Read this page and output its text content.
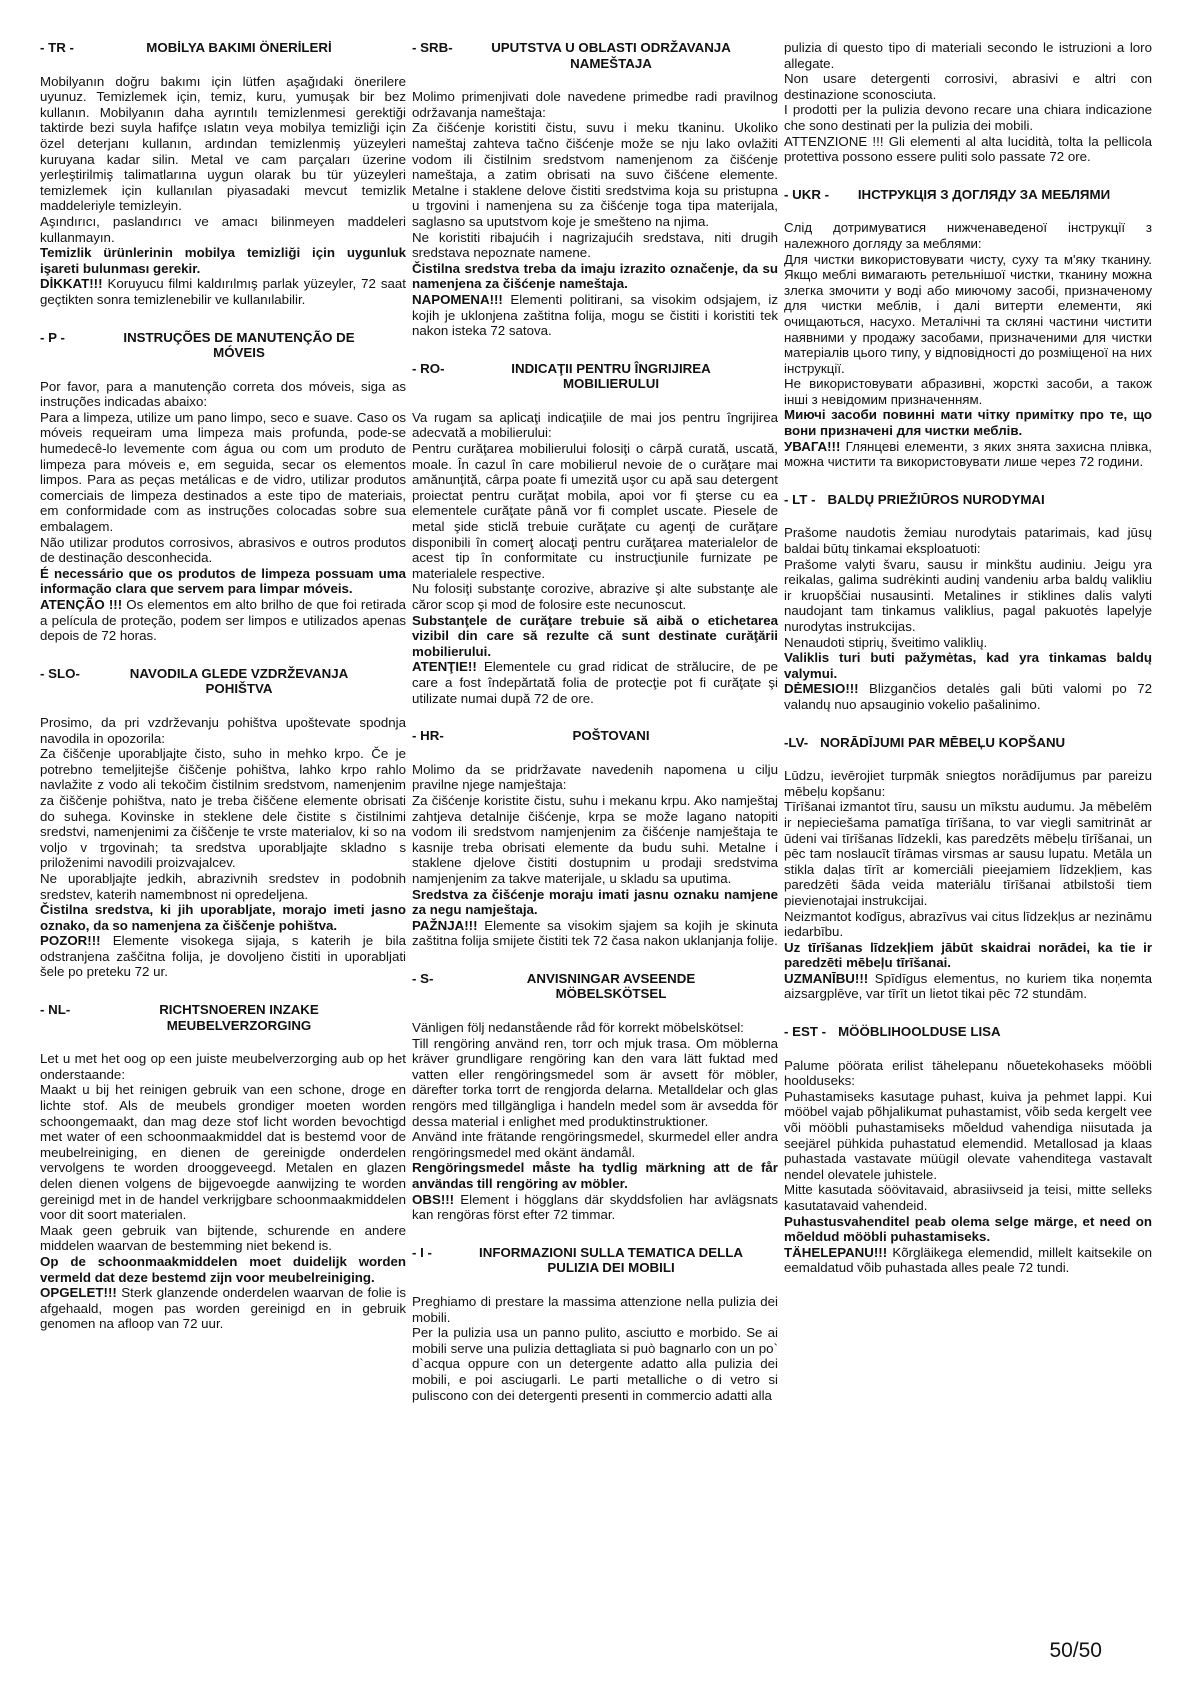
- TR -	MOBİLYA BAKIMI ÖNERİLERİ

Mobilyanın doğru bakımı için lütfen aşağıdaki önerilere uyunuz. Temizlemek için, temiz, kuru, yumuşak bir bez kullanın. Mobilyanın daha ayrıntılı temizlenmesi gerektiği taktirde bezi suyla hafifçe ıslatın veya mobilya temizliği için özel deterjanı kullanın, ardından temizlenmiş yüzeyleri kuruyana kadar silin. Metal ve cam parçaları üzerine yerleştirilmiş talimatlarına uygun olarak bu tür yüzeyleri temizlemek için kullanılan piyasadaki mevcut temizlik maddeleriyle temizleyin.

Aşındırıcı, paslandırıcı ve amacı bilinmeyen maddeleri kullanmayın.

Temizlik ürünlerinin mobilya temizliği için uygunluk işareti bulunması gerekir.

DİKKAT!!! Koruyucu filmi kaldırılmış parlak yüzeyler, 72 saat geçtikten sonra temizlenebilir ve kullanılabilir.

- P -	INSTRUÇÕES DE MANUTENÇÃO DE MÓVEIS

Por favor, para a manutenção correta dos móveis, siga as instruções indicadas abaixo:

Para a limpeza, utilize um pano limpo, seco e suave. Caso os móveis requeiram uma limpeza mais profunda, pode-se humedecê-lo levemente com água ou com um produto de limpeza para móveis e, em seguida, secar os elementos limpos. Para as peças metálicas e de vidro, utilizar produtos comerciais de limpeza destinados a este tipo de materiais, em conformidade com as instruções colocadas sobre sua embalagem.

Não utilizar produtos corrosivos, abrasivos e outros produtos de destinação desconhecida.

É necessário que os produtos de limpeza possuam uma informação clara que servem para limpar móveis.

ATENÇÃO !!! Os elementos em alto brilho de que foi retirada a película de proteção, podem ser limpos e utilizados apenas depois de 72 horas.

- SLO-	NAVODILA GLEDE VZDRŽEVANJA POHIŠTVA

Prosimo, da pri vzdrževanju pohištva upoštevate spodnja navodila in opozorila:

Za čiščenje uporabljajte čisto, suho in mehko krpo. Če je potrebno temeljitejše čiščenje pohištva, lahko krpo rahlo navlažite z vodo ali tekočim čistilnim sredstvom, namenjenim za čiščenje pohištva, nato je treba čiščene elemente obrisati do suhega. Kovinske in steklene dele čistite s čistilnimi sredstvi, namenjenimi za čiščenje te vrste materialov, ki so na voljo v trgovinah; ta sredstva uporabljajte skladno s priloženimi navodili proizvajalcev.

Ne uporabljajte jedkih, abrazivnih sredstev in podobnih sredstev, katerih namembnost ni opredeljena.

Čistilna sredstva, ki jih uporabljate, morajo imeti jasno oznako, da so namenjena za čiščenje pohištva.

POZOR!!! Elemente visokega sijaja, s katerih je bila odstranjena zaščitna folija, je dovoljeno čistiti in uporabljati šele po preteku 72 ur.

- NL-	RICHTSNOEREN INZAKE MEUBELVERZORGING

Let u met het oog op een juiste meubelverzorging aub op het onderstaande:

Maakt u bij het reinigen gebruik van een schone, droge en lichte stof. Als de meubels grondiger moeten worden schoongemaakt, dan mag deze stof licht worden bevochtigd met water of een schoonmaakmiddel dat is bestemd voor de meubelreiniging, en dienen de gereinigde onderdelen vervolgens te worden drooggeveegd. Metalen en glazen delen dienen volgens de bijgevoegde aanwijzing te worden gereinigd met in de handel verkrijgbare schoonmaakmiddelen voor dit soort materialen.

Maak geen gebruik van bijtende, schurende en andere middelen waarvan de bestemming niet bekend is.

Op de schoonmaakmiddelen moet duidelijk worden vermeld dat deze bestemd zijn voor meubelreiniging.

OPGELET!!! Sterk glanzende onderdelen waarvan de folie is afgehaald, mogen pas worden gereinigd en in gebruik genomen na afloop van 72 uur.

- SRB-	UPUTSTVA U OBLASTI ODRŽAVANJA NAMEŠTAJA

Molimo primenjivati dole navedene primedbe radi pravilnog održavanja nameštaja:

Za čišćenje koristiti čistu, suvu i meku tkaninu. Ukoliko nameštaj zahteva tačno čišćenje može se nju lako ovlažiti vodom ili čistilnim sredstvom namenjenom za čišćenje nameštaja, a zatim obrisati na suvo čišćene elemente. Metalne i staklene delove čistiti sredstvima koja su pristupna u trgovini i namenjena su za čišćenje toga tipa materijala, saglasno sa uputstvom koje je smešteno na njima.

Ne koristiti ribajućih i nagrizajućih sredstava, niti drugih sredstava nepoznate namene.

Čistilna sredstva treba da imaju izrazito označenje, da su namenjena za čišćenje nameštaja.

NAPOMENA!!! Elementi politirani, sa visokim odsjajem, iz kojih je uklonjena zaštitna folija, mogu se čistiti i koristiti tek nakon isteka 72 satova.

- RO-	INDICAŢII PENTRU ÎNGRIJIREA MOBILIERULUI

Va rugam sa aplicaţi indicaţiile de mai jos pentru îngrijirea adecvată a mobilierului:

Pentru curăţarea mobilierului folosiţi o cârpă curată, uscată, moale. În cazul în care mobilierul nevoie de o curăţare mai amănunţită, cârpa poate fi umezită uşor cu apă sau detergent proiectat pentru curăţat mobila, apoi vor fi şterse cu ea elementele curăţate până vor fi complet uscate. Piesele de metal şide sticlă trebuie curăţate cu agenţi de curăţare disponibili în comerţ alocaţi pentru curăţarea materialelor de acest tip în conformitate cu instrucţiunile furnizate pe materialele respective.

Nu folosiţi substanţe corozive, abrazive şi alte substanţe ale căror scop şi mod de folosire este necunoscut.

Substanţele de curăţare trebuie să aibă o etichetarea vizibil din care să rezulte că sunt destinate curăţării mobilierului.

ATENŢIE!! Elementele cu grad ridicat de strălucire, de pe care a fost îndepărtată folia de protecţie pot fi curăţate şi utilizate numai după 72 de ore.

- HR-	POŠTOVANI

Molimo da se pridržavate navedenih napomena u cilju pravilne njege namještaja:

Za čišćenje koristite čistu, suhu i mekanu krpu. Ako namještaj zahtjeva detalnije čišćenje, krpa se može lagano natopiti vodom ili sredstvom namjenjenim za čišćenje namještaja te kasnije treba obrisati elemente da budu suhi. Metalne i staklene djelove čistiti dostupnim u prodaji sredstvima namjenjenim za takve materijale, u skladu sa uputima.

Sredstva za čišćenje moraju imati jasnu oznaku namjene za negu namještaja.

PAŽNJA!!! Elemente sa visokim sjajem sa kojih je skinuta zaštitna folija smijete čistiti tek 72 časa nakon uklanjanja folije.

- S-	ANVISNINGAR AVSEENDE MÖBELSKÖTSEL

Vänligen följ nedanstående råd för korrekt möbelskötsel:

Till rengöring använd ren, torr och mjuk trasa. Om möblerna kräver grundligare rengöring kan den vara lätt fuktad med vatten eller rengöringsmedel som är avsett för möbler, därefter torka torrt de rengjorda delarna. Metalldelar och glas rengörs med tillgängliga i handeln medel som är avsedda för dessa material i enlighet med produktinstruktioner.

Använd inte frätande rengöringsmedel, skurmedel eller andra rengöringsmedel med okänt ändamål.

Rengöringsmedel måste ha tydlig märkning att de får användas till rengöring av möbler.

OBS!!! Element i högglans där skyddsfolien har avlägsnats kan rengöras först efter 72 timmar.

- I -	INFORMAZIONI SULLA TEMATICA DELLA PULIZIA DEI MOBILI

Preghiamo di prestare la massima attenzione nella pulizia dei mobili.

Per la pulizia usa un panno pulito, asciutto e morbido. Se ai mobili serve una pulizia dettagliata si può bagnarlo con un po` d`acqua oppure con un detergente adatto alla pulizia dei mobili, e poi asciugarli. Le parti metalliche o di vetro si puliscono con dei detergenti presenti in commercio adatti alla

pulizia di questo tipo di materiali secondo le istruzioni a loro allegate.

Non usare detergenti corrosivi, abrasivi e altri con destinazione sconosciuta.

I prodotti per la pulizia devono recare una chiara indicazione che sono destinati per la pulizia dei mobili.

ATTENZIONE !!! Gli elementi al alta lucidità, tolta la pellicola protettiva possono essere puliti solo passate 72 ore.

- UKR -	ІНСТРУКЦІЯ З ДОГЛЯДУ ЗА МЕБЛЯМИ

Слід дотримуватися нижченаведеної інструкції з належного догляду за меблями:

Для чистки використовувати чисту, суху та м'яку тканину. Якщо меблі вимагають ретельнішої чистки, тканину можна злегка змочити у воді або миючому засобі, призначеному для чистки меблів, і далі витерти елементи, які очищаються, насухо. Металічні та скляні частини чистити наявними у продажу засобами, призначеними для чистки матеріалів цього типу, у відповідності до розміщеної на них інструкції.

Не використовувати абразивні, жорсткі засоби, а також інші з невідомим призначенням.

Миючі засоби повинні мати чітку примітку про те, що вони призначені для чистки меблів.

УВАГА!!! Глянцеві елементи, з яких знята захисна плівка, можна чистити та використовувати лише через 72 години.

- LT - BALDŲ PRIEŽIŪROS NURODYMAI

Prašome naudotis žemiau nurodytais patarimais, kad jūsų baldai būtų tinkamai eksploatuoti:

Prašome valyti švaru, sausu ir minkštu audiniu. Jeigu yra reikalas, galima sudrėkinti audinį vandeniu arba baldų valikliu ir kruopščiai nusausinti. Metalines ir stiklines dalis valyti naudojant tam tinkamus valiklius, pagal pakuotės lapelyje nurodytas instrukcijas.

Nenaudoti stiprių, šveitimo valiklių.

Valiklis turi buti pažymėtas, kad yra tinkamas baldų valymui.

DĖMESIO!!! Blizgančios detalės gali būti valomi po 72 valandų nuo apsauginio vokelio pašalinimo.

-LV- NORĀDĪJUMI PAR MĒBEĻU KOPŠANU

Lūdzu, ievērojiet turpmāk sniegtos norādījumus par pareizu mēbeļu kopšanu:

Tīrīšanai izmantot tīru, sausu un mīkstu audumu. Ja mēbelēm ir nepieciešama pamatīga tīrīšana, to var viegli samitrināt ar ūdeni vai tīrīšanas līdzekli, kas paredzēts mēbeļu tīrīšanai, un pēc tam noslaucīt tīrāmas virsmas ar sausu lupatu. Metāla un stikla daļas tīrīt ar komerciāli pieejamiem līdzekļiem, kas paredzēti šāda veida materiālu tīrīšanai atbilstoši tiem pievienotajai instrukcijai.

Neizmantot kodīgus, abrazīvus vai citus līdzekļus ar nezināmu iedarbību.

Uz tīrīšanas līdzekļiem jābūt skaidrai norādei, ka tie ir paredzēti mēbeļu tīrīšanai.

UZMANĪBU!!! Spīdīgus elementus, no kuriem tika noņemta aizsargplēve, var tīrīt un lietot tikai pēc 72 stundām.

- EST - MÖÖBLIHOOLDUSE LISA

Palume pöörata erilist tähelepanu nõuetekohaseks mööbli hoolduseks:

Puhastamiseks kasutage puhast, kuiva ja pehmet lappi. Kui mööbel vajab põhjalikumat puhastamist, võib seda kergelt vee või mööbli puhastamiseks mõeldud vahendiga niisutada ja seejärel pühkida puhastatud elemendid. Metallosad ja klaas puhastada vastavate müügil olevate vahenditega vastavalt nendel olevatele juhistele.

Mitte kasutada söövitavaid, abrasiivseid ja teisi, mitte selleks kasutatavaid vahendeid.

Puhastusvahenditel peab olema selge märge, et need on mõeldud mööbli puhastamiseks.

TÄHELEPANU!!! Kõrgläikega elemendid, millelt kaitsekile on eemaldatud võib puhastada alles peale 72 tundi.

50/50
